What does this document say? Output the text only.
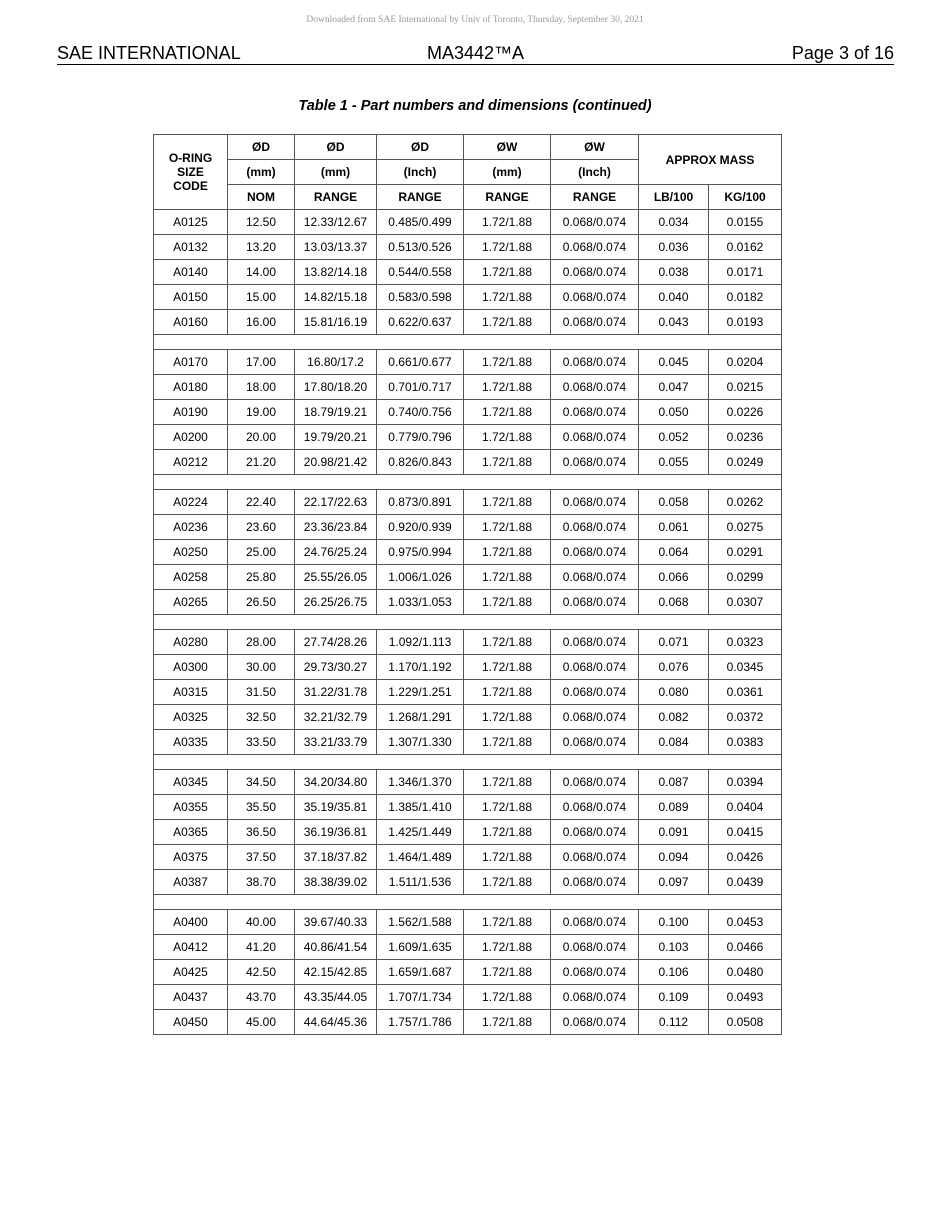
Downloaded from SAE International by Univ of Toronto, Thursday, September 30, 2021
SAE INTERNATIONAL	MA3442™A	Page 3 of 16
Table 1 - Part numbers and dimensions (continued)
O-RING SIZE CODE	ØD	ØD	ØD	ØW	ØW	APPROX MASS	
	(mm)	(mm)	(Inch)	(mm)	(Inch)		
	NOM	RANGE	RANGE	RANGE	RANGE	LB/100	KG/100
A0125	12.50	12.33/12.67	0.485/0.499	1.72/1.88	0.068/0.074	0.034	0.0155
A0132	13.20	13.03/13.37	0.513/0.526	1.72/1.88	0.068/0.074	0.036	0.0162
A0140	14.00	13.82/14.18	0.544/0.558	1.72/1.88	0.068/0.074	0.038	0.0171
A0150	15.00	14.82/15.18	0.583/0.598	1.72/1.88	0.068/0.074	0.040	0.0182
A0160	16.00	15.81/16.19	0.622/0.637	1.72/1.88	0.068/0.074	0.043	0.0193

A0170	17.00	16.80/17.2	0.661/0.677	1.72/1.88	0.068/0.074	0.045	0.0204
A0180	18.00	17.80/18.20	0.701/0.717	1.72/1.88	0.068/0.074	0.047	0.0215
A0190	19.00	18.79/19.21	0.740/0.756	1.72/1.88	0.068/0.074	0.050	0.0226
A0200	20.00	19.79/20.21	0.779/0.796	1.72/1.88	0.068/0.074	0.052	0.0236
A0212	21.20	20.98/21.42	0.826/0.843	1.72/1.88	0.068/0.074	0.055	0.0249

A0224	22.40	22.17/22.63	0.873/0.891	1.72/1.88	0.068/0.074	0.058	0.0262
A0236	23.60	23.36/23.84	0.920/0.939	1.72/1.88	0.068/0.074	0.061	0.0275
A0250	25.00	24.76/25.24	0.975/0.994	1.72/1.88	0.068/0.074	0.064	0.0291
A0258	25.80	25.55/26.05	1.006/1.026	1.72/1.88	0.068/0.074	0.066	0.0299
A0265	26.50	26.25/26.75	1.033/1.053	1.72/1.88	0.068/0.074	0.068	0.0307

A0280	28.00	27.74/28.26	1.092/1.113	1.72/1.88	0.068/0.074	0.071	0.0323
A0300	30.00	29.73/30.27	1.170/1.192	1.72/1.88	0.068/0.074	0.076	0.0345
A0315	31.50	31.22/31.78	1.229/1.251	1.72/1.88	0.068/0.074	0.080	0.0361
A0325	32.50	32.21/32.79	1.268/1.291	1.72/1.88	0.068/0.074	0.082	0.0372
A0335	33.50	33.21/33.79	1.307/1.330	1.72/1.88	0.068/0.074	0.084	0.0383

A0345	34.50	34.20/34.80	1.346/1.370	1.72/1.88	0.068/0.074	0.087	0.0394
A0355	35.50	35.19/35.81	1.385/1.410	1.72/1.88	0.068/0.074	0.089	0.0404
A0365	36.50	36.19/36.81	1.425/1.449	1.72/1.88	0.068/0.074	0.091	0.0415
A0375	37.50	37.18/37.82	1.464/1.489	1.72/1.88	0.068/0.074	0.094	0.0426
A0387	38.70	38.38/39.02	1.511/1.536	1.72/1.88	0.068/0.074	0.097	0.0439

A0400	40.00	39.67/40.33	1.562/1.588	1.72/1.88	0.068/0.074	0.100	0.0453
A0412	41.20	40.86/41.54	1.609/1.635	1.72/1.88	0.068/0.074	0.103	0.0466
A0425	42.50	42.15/42.85	1.659/1.687	1.72/1.88	0.068/0.074	0.106	0.0480
A0437	43.70	43.35/44.05	1.707/1.734	1.72/1.88	0.068/0.074	0.109	0.0493
A0450	45.00	44.64/45.36	1.757/1.786	1.72/1.88	0.068/0.074	0.112	0.0508
